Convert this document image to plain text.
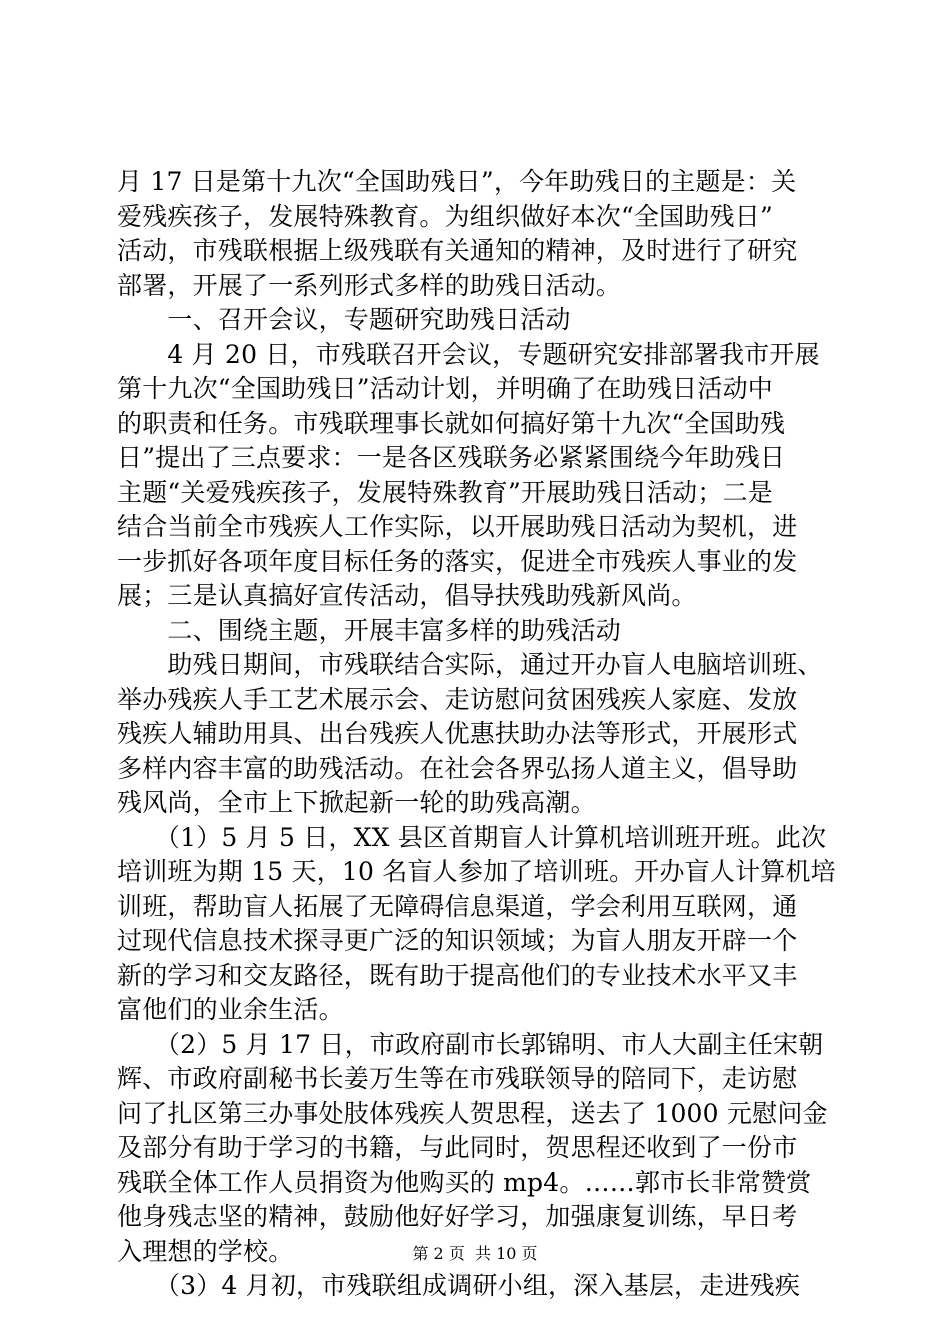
月 17 日是第十九次“全国助残日”，今年助残日的主题是：关
爱残疾孩子，发展特殊教育。为组织做好本次“全国助残日”
活动，市残联根据上级残联有关通知的精神，及时进行了研究
部署，开展了一系列形式多样的助残日活动。
　　一、召开会议，专题研究助残日活动
　　4 月 20 日，市残联召开会议，专题研究安排部署我市开展
第十九次“全国助残日”活动计划，并明确了在助残日活动中
的职责和任务。市残联理事长就如何搞好第十九次“全国助残
日”提出了三点要求：一是各区残联务必紧紧围绕今年助残日
主题“关爱残疾孩子，发展特殊教育”开展助残日活动；二是
结合当前全市残疾人工作实际，以开展助残日活动为契机，进
一步抓好各项年度目标任务的落实，促进全市残疾人事业的发
展；三是认真搞好宣传活动，倡导扶残助残新风尚。
　　二、围绕主题，开展丰富多样的助残活动
　　助残日期间，市残联结合实际，通过开办盲人电脑培训班、
举办残疾人手工艺术展示会、走访慰问贫困残疾人家庭、发放
残疾人辅助用具、出台残疾人优惠扶助办法等形式，开展形式
多样内容丰富的助残活动。在社会各界弘扬人道主义，倡导助
残风尚，全市上下掀起新一轮的助残高潮。
　　（1）5 月 5 日，XX 县区首期盲人计算机培训班开班。此次
培训班为期 15 天，10 名盲人参加了培训班。开办盲人计算机培
训班，帮助盲人拓展了无障碍信息渠道，学会利用互联网，通
过现代信息技术探寻更广泛的知识领域；为盲人朋友开辟一个
新的学习和交友路径，既有助于提高他们的专业技术水平又丰
富他们的业余生活。
　　（2）5 月 17 日，市政府副市长郭锦明、市人大副主任宋朝
辉、市政府副秘书长姜万生等在市残联领导的陪同下，走访慰
问了扎区第三办事处肢体残疾人贺思程，送去了 1000 元慰问金
及部分有助于学习的书籍，与此同时，贺思程还收到了一份市
残联全体工作人员捐资为他购买的 mp4。……郭市长非常赞赏
他身残志坚的精神，鼓励他好好学习，加强康复训练，早日考
入理想的学校。
　　（3）4 月初，市残联组成调研小组，深入基层，走进残疾
第 2 页  共 10 页
